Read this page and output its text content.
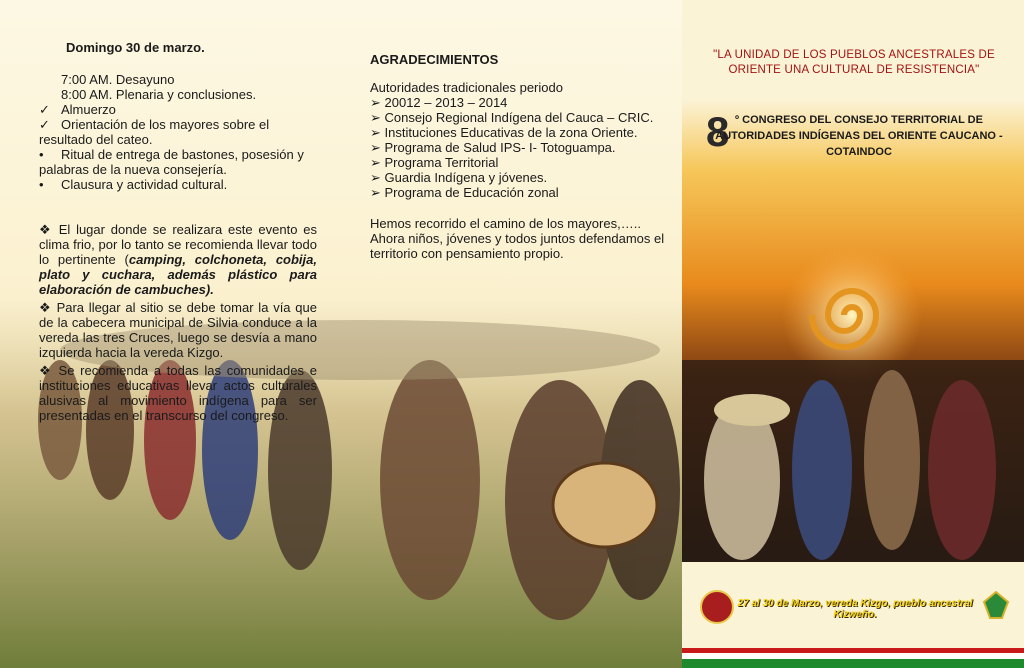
Domingo 30 de marzo.
7:00 AM. Desayuno
8:00 AM. Plenaria y conclusiones.
✓ Almuerzo
✓ Orientación de los mayores sobre el resultado del cateo.
• Ritual de entrega de bastones, posesión y palabras de la nueva consejería.
• Clausura y actividad cultural.

❖ El lugar donde se realizara este evento es clima frio, por lo tanto se recomienda llevar todo lo pertinente (camping, colchoneta, cobija, plato y cuchara, además plástico para elaboración de cambuches).

❖ Para llegar al sitio se debe tomar la vía que de la cabecera municipal de Silvia conduce a la vereda las tres Cruces, luego se desvía a mano izquierda hacia la vereda Kizgo.

❖ Se recomienda a todas las comunidades e instituciones educativas llevar actos culturales alusivas al movimiento indígena para ser presentadas en el transcurso del congreso.

AGRADECIMIENTOS
Autoridades tradicionales periodo
➢ 20012 – 2013 – 2014
➢ Consejo Regional Indígena del Cauca – CRIC.
➢ Instituciones Educativas de la zona Oriente.
➢ Programa de Salud IPS- I- Totoguampa.
➢ Programa Territorial
➢ Guardia Indígena y jóvenes.
➢ Programa de Educación zonal
Hemos recorrido el camino de los mayores,….. Ahora niños, jóvenes y todos juntos defendamos el territorio con pensamiento propio.
"LA UNIDAD DE LOS PUEBLOS ANCESTRALES DE ORIENTE UNA CULTURAL DE RESISTENCIA"
8 º CONGRESO DEL CONSEJO TERRITORIAL DE AUTORIDADES INDÍGENAS DEL ORIENTE CAUCANO - COTAINDOC
27 al 30 de Marzo, vereda Kizgo, pueblo ancestral Kizweño.
